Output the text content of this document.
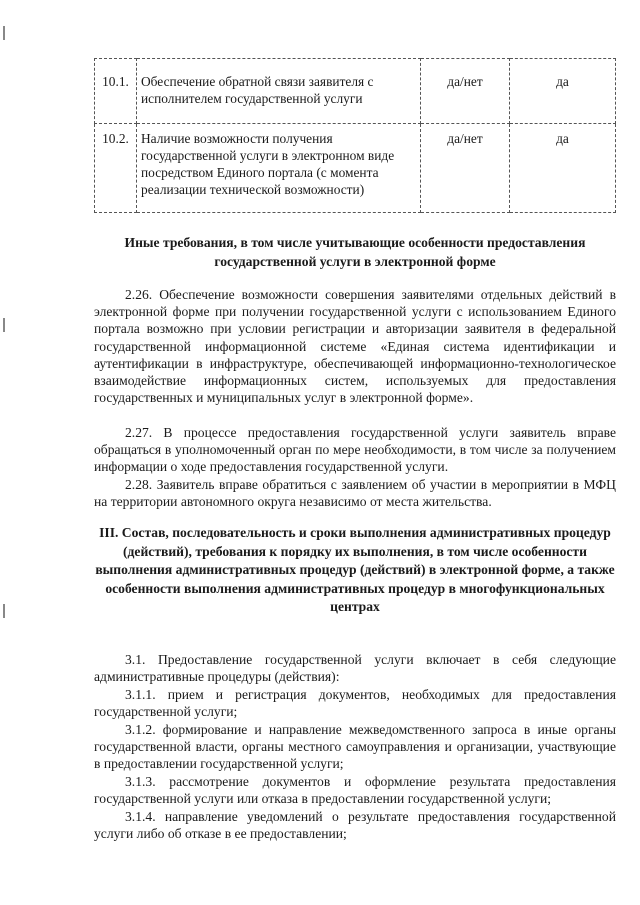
10.1.	Обеспечение обратной связи заявителя с исполнителем государственной услуги	да/нет	да
10.2.	Наличие возможности получения государственной услуги в электронном виде посредством Единого портала (с момента реализации технической возможности)	да/нет	да
Иные требования, в том числе учитывающие особенности предоставления государственной услуги в электронной форме

2.26. Обеспечение возможности совершения заявителями отдельных действий в электронной форме при получении государственной услуги с использованием Единого портала возможно при условии регистрации и авторизации заявителя в федеральной государственной информационной системе «Единая система идентификации и аутентификации в инфраструктуре, обеспечивающей информационно-технологическое взаимодействие информационных систем, используемых для предоставления государственных и муниципальных услуг в электронной форме».

2.27. В процессе предоставления государственной услуги заявитель вправе обращаться в уполномоченный орган по мере необходимости, в том числе за получением информации о ходе предоставления государственной услуги.

2.28. Заявитель вправе обратиться с заявлением об участии в мероприятии в МФЦ на территории автономного округа независимо от места жительства.

III. Состав, последовательность и сроки выполнения административных процедур (действий), требования к порядку их выполнения, в том числе особенности выполнения административных процедур (действий) в электронной форме, а также особенности выполнения административных процедур в многофункциональных центрах

3.1. Предоставление государственной услуги включает в себя следующие административные процедуры (действия):

3.1.1. прием и регистрация документов, необходимых для предоставления государственной услуги;

3.1.2. формирование и направление межведомственного запроса в иные органы государственной власти, органы местного самоуправления и организации, участвующие в предоставлении государственной услуги;

3.1.3. рассмотрение документов и оформление результата предоставления государственной услуги или отказа в предоставлении государственной услуги;

3.1.4. направление уведомлений о результате предоставления государственной услуги либо об отказе в ее предоставлении;
